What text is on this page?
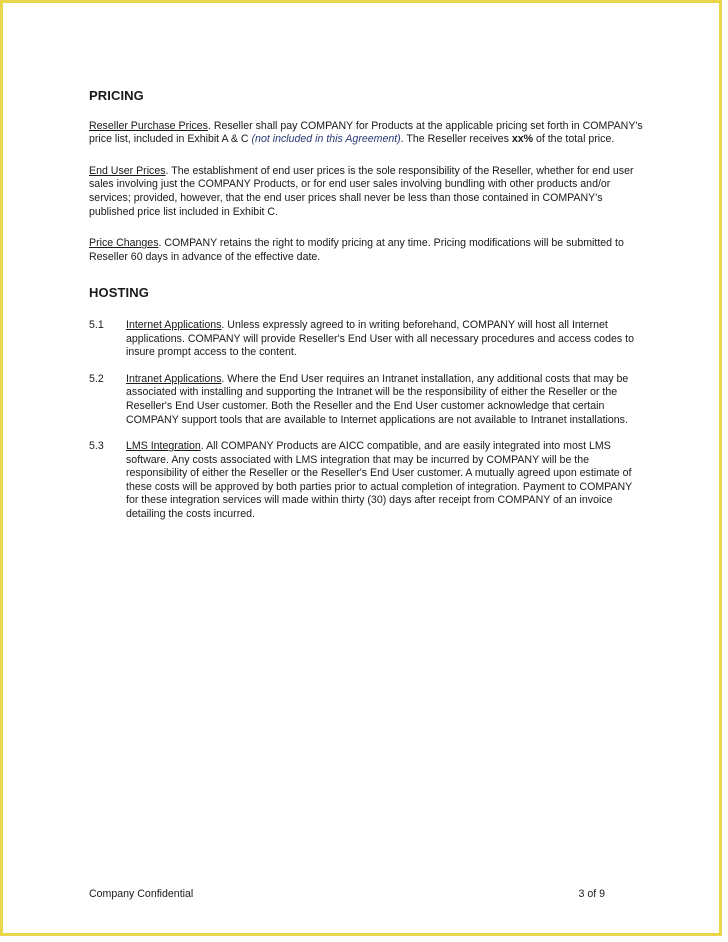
PRICING

Reseller Purchase Prices. Reseller shall pay COMPANY for Products at the applicable pricing set forth in COMPANY's price list, included in Exhibit A & C (not included in this Agreement). The Reseller receives xx% of the total price.

End User Prices. The establishment of end user prices is the sole responsibility of the Reseller, whether for end user sales involving just the COMPANY Products, or for end user sales involving bundling with other products and/or services; provided, however, that the end user prices shall never be less than those contained in COMPANY's published price list included in Exhibit C.

Price Changes. COMPANY retains the right to modify pricing at any time. Pricing modifications will be submitted to Reseller 60 days in advance of the effective date.

HOSTING
5.1	Internet Applications. Unless expressly agreed to in writing beforehand, COMPANY will host all Internet applications. COMPANY will provide Reseller's End User with all necessary procedures and access codes to insure prompt access to the content.
5.2	Intranet Applications. Where the End User requires an Intranet installation, any additional costs that may be associated with installing and supporting the Intranet will be the responsibility of either the Reseller or the Reseller's End User customer. Both the Reseller and the End User customer acknowledge that certain COMPANY support tools that are available to Internet applications are not available to Intranet installations.
5.3	LMS Integration. All COMPANY Products are AICC compatible, and are easily integrated into most LMS software. Any costs associated with LMS integration that may be incurred by COMPANY will be the responsibility of either the Reseller or the Reseller's End User customer. A mutually agreed upon estimate of these costs will be approved by both parties prior to actual completion of integration. Payment to COMPANY for these integration services will made within thirty (30) days after receipt from COMPANY of an invoice detailing the costs incurred.
Company Confidential	3 of 9
